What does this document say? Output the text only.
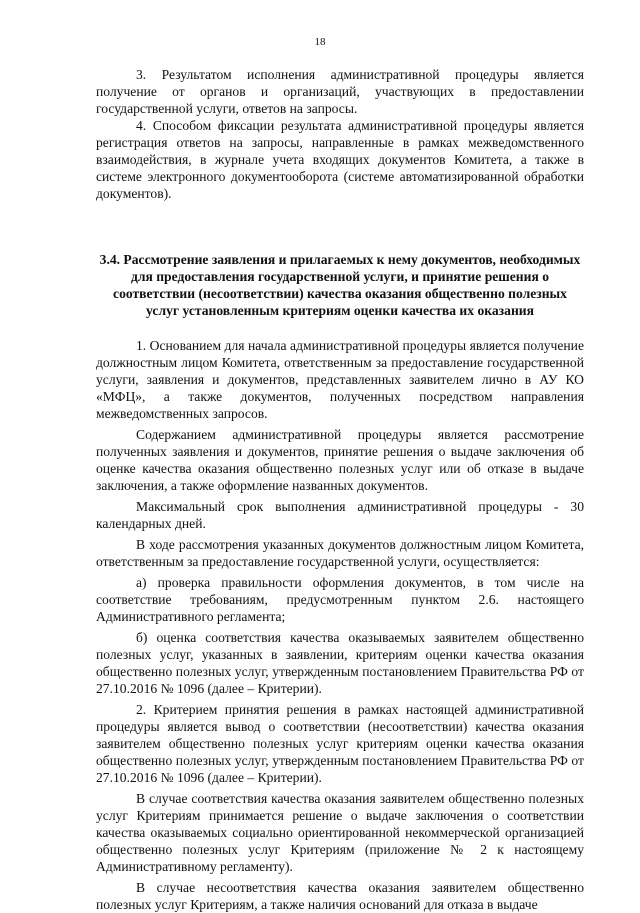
18

3. Результатом исполнения административной процедуры является получение от органов и организаций, участвующих в предоставлении государственной услуги, ответов на запросы.

4. Способом фиксации результата административной процедуры является регистрация ответов на запросы, направленные в рамках межведомственного взаимодействия, в журнале учета входящих документов Комитета, а также в системе электронного документооборота (системе автоматизированной обработки документов).

3.4. Рассмотрение заявления и прилагаемых к нему документов, необходимых для предоставления государственной услуги, и принятие решения о соответствии (несоответствии) качества оказания общественно полезных услуг установленным критериям оценки качества их оказания

1. Основанием для начала административной процедуры является получение должностным лицом Комитета, ответственным за предоставление государственной услуги, заявления и документов, представленных заявителем лично в АУ КО «МФЦ», а также документов, полученных посредством направления межведомственных запросов.

Содержанием административной процедуры является рассмотрение полученных заявления и документов, принятие решения о выдаче заключения об оценке качества оказания общественно полезных услуг или об отказе в выдаче заключения, а также оформление названных документов.

Максимальный срок выполнения административной процедуры - 30 календарных дней.

В ходе рассмотрения указанных документов должностным лицом Комитета, ответственным за предоставление государственной услуги, осуществляется:

а) проверка правильности оформления документов, в том числе на соответствие требованиям, предусмотренным пунктом 2.6. настоящего Административного регламента;

б) оценка соответствия качества оказываемых заявителем общественно полезных услуг, указанных в заявлении, критериям оценки качества оказания общественно полезных услуг, утвержденным постановлением Правительства РФ от 27.10.2016 № 1096 (далее – Критерии).

2. Критерием принятия решения в рамках настоящей административной процедуры является вывод о соответствии (несоответствии) качества оказания заявителем общественно полезных услуг критериям оценки качества оказания общественно полезных услуг, утвержденным постановлением Правительства РФ от 27.10.2016 № 1096 (далее – Критерии).

В случае соответствия качества оказания заявителем общественно полезных услуг Критериям принимается решение о выдаче заключения о соответствии качества оказываемых социально ориентированной некоммерческой организацией общественно полезных услуг Критериям (приложение № 2 к настоящему Административному регламенту).

В случае несоответствия качества оказания заявителем общественно полезных услуг Критериям, а также наличия оснований для отказа в выдаче
